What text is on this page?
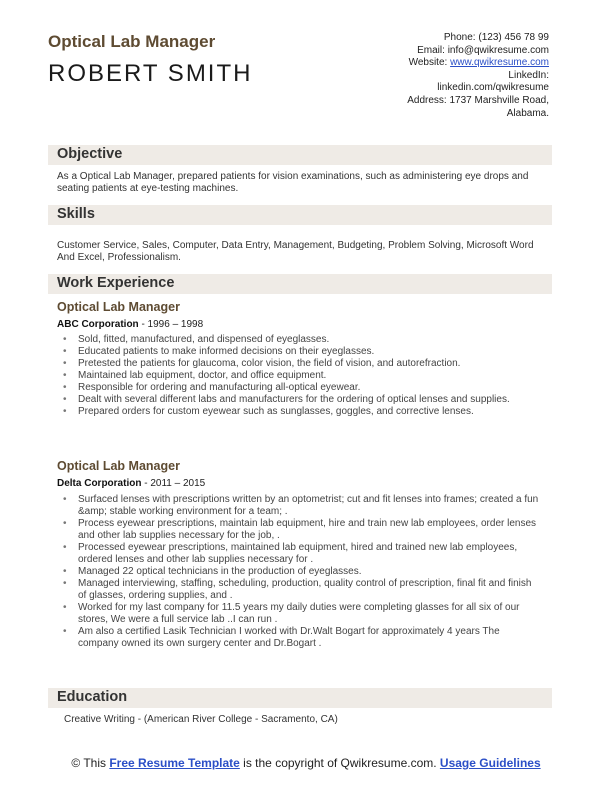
Optical Lab Manager
ROBERT SMITH
Phone: (123) 456 78 99
Email: info@qwikresume.com
Website: www.qwikresume.com
LinkedIn:
linkedin.com/qwikresume
Address: 1737 Marshville Road,
Alabama.
Objective
As a Optical Lab Manager, prepared patients for vision examinations, such as administering eye drops and seating patients at eye-testing machines.
Skills
Customer Service, Sales, Computer, Data Entry, Management, Budgeting, Problem Solving, Microsoft Word And Excel, Professionalism.
Work Experience
Optical Lab Manager
ABC Corporation - 1996 – 1998
• Sold, fitted, manufactured, and dispensed of eyeglasses.
• Educated patients to make informed decisions on their eyeglasses.
• Pretested the patients for glaucoma, color vision, the field of vision, and autorefraction.
• Maintained lab equipment, doctor, and office equipment.
• Responsible for ordering and manufacturing all-optical eyewear.
• Dealt with several different labs and manufacturers for the ordering of optical lenses and supplies.
• Prepared orders for custom eyewear such as sunglasses, goggles, and corrective lenses.
Optical Lab Manager
Delta Corporation - 2011 – 2015
• Surfaced lenses with prescriptions written by an optometrist; cut and fit lenses into frames; created a fun &amp; stable working environment for a team; .
• Process eyewear prescriptions, maintain lab equipment, hire and train new lab employees, order lenses and other lab supplies necessary for the job, .
• Processed eyewear prescriptions, maintained lab equipment, hired and trained new lab employees, ordered lenses and other lab supplies necessary for .
• Managed 22 optical technicians in the production of eyeglasses.
• Managed interviewing, staffing, scheduling, production, quality control of prescription, final fit and finish of glasses, ordering supplies, and .
• Worked for my last company for 11.5 years my daily duties were completing glasses for all six of our stores, We were a full service lab ..I can run .
• Am also a certified Lasik Technician I worked with Dr.Walt Bogart for approximately 4 years The company owned its own surgery center and Dr.Bogart .
Education
Creative Writing - (American River College - Sacramento, CA)
© This Free Resume Template is the copyright of Qwikresume.com. Usage Guidelines
